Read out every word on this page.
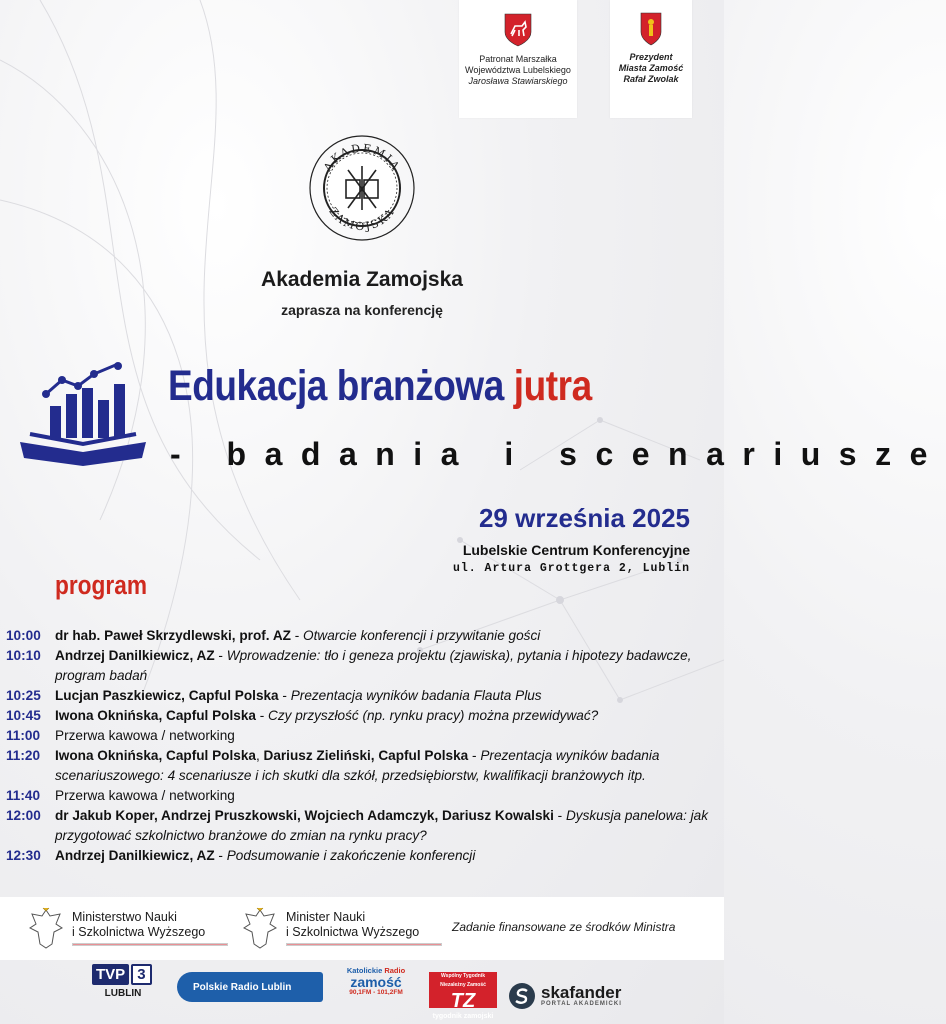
Patronat Marszałka
Województwa Lubelskiego
Jarosława Stawiarskiego
Prezydent
Miasta Zamość
Rafał Zwolak
AKADEMIA
ZAMOJSKA
Akademia Zamojska
zaprasza na konferencję
Edukacja branżowa jutra
- badania i scenariusze
29 września 2025
Lubelskie Centrum Konferencyjne
ul. Artura Grottgera 2, Lublin
program
10:00	dr hab. Paweł Skrzydlewski, prof. AZ - Otwarcie konferencji i przywitanie gości
10:10	Andrzej Danilkiewicz, AZ - Wprowadzenie: tło i geneza projektu (zjawiska), pytania i hipotezy badawcze, program badań
10:25	Lucjan Paszkiewicz, Capful Polska - Prezentacja wyników badania Flauta Plus
10:45	Iwona Oknińska, Capful Polska - Czy przyszłość (np. rynku pracy) można przewidywać?
11:00	Przerwa kawowa / networking
11:20	Iwona Oknińska, Capful Polska, Dariusz Zieliński, Capful Polska - Prezentacja wyników badania scenariuszowego: 4 scenariusze i ich skutki dla szkół, przedsiębiorstw, kwalifikacji branżowych itp.
11:40	Przerwa kawowa / networking
12:00	dr Jakub Koper, Andrzej Pruszkowski, Wojciech Adamczyk, Dariusz Kowalski - Dyskusja panelowa: jak przygotować szkolnictwo branżowe do zmian na rynku pracy?
12:30	Andrzej Danilkiewicz, AZ - Podsumowanie i zakończenie konferencji
Ministerstwo Nauki
i Szkolnictwa Wyższego
Minister Nauki
i Szkolnictwa Wyższego	Zadanie finansowane ze środków Ministra
TVP 3
LUBLIN
Polskie Radio Lublin
Katolickie Radio
zamość
90,1FM - 101,2FM
Wspólny Tygodnik Niezależny Zamość
TZ
tygodnik zamojski
skafander
PORTAL AKADEMICKI
